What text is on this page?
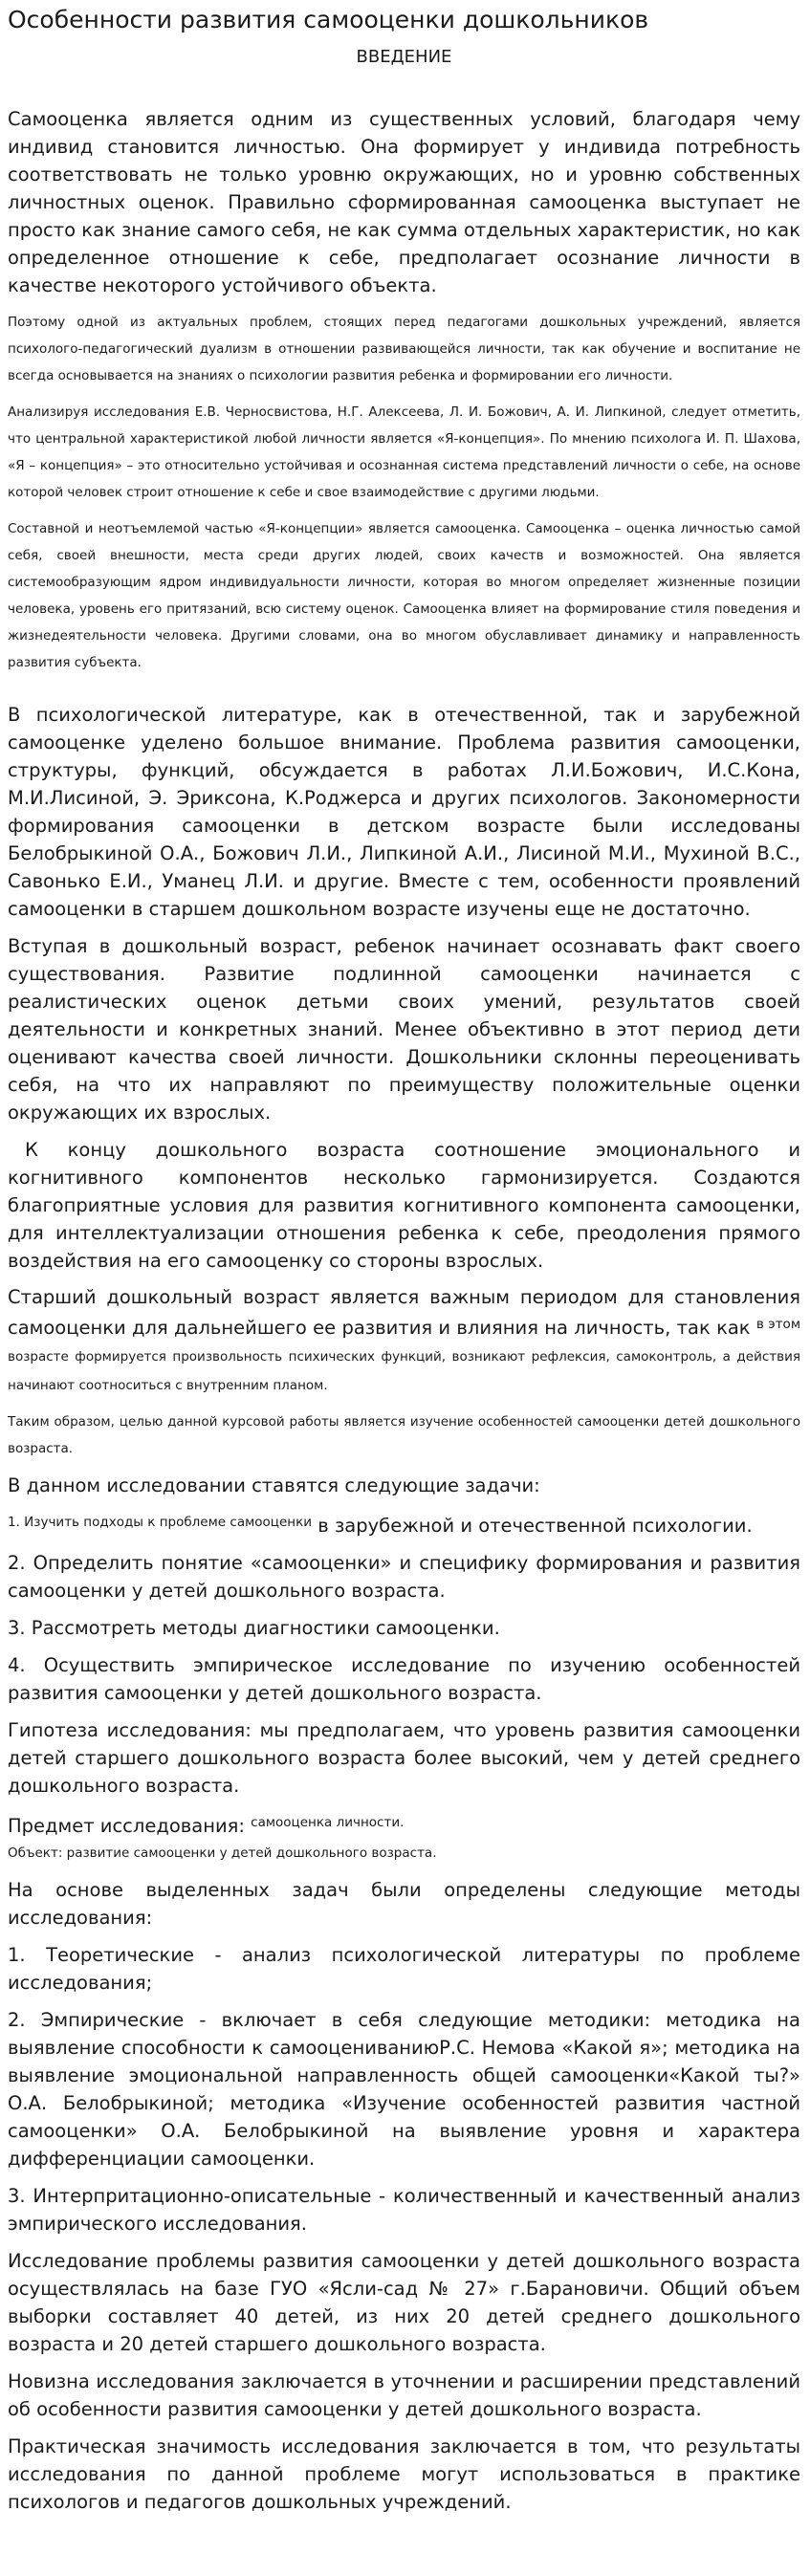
Особенности развития самооценки дошкольников
ВВЕДЕНИЕ

Самооценка является одним из существенных условий, благодаря чему индивид становится личностью. Она формирует у индивида потребность соответствовать не только уровню окружающих, но и уровню собственных личностных оценок. Правильно сформированная самооценка выступает не просто как знание самого себя, не как сумма отдельных характеристик, но как определенное отношение к себе, предполагает осознание личности в качестве некоторого устойчивого объекта.

Поэтому одной из актуальных проблем, стоящих перед педагогами дошкольных учреждений, является психолого-педагогический дуализм в отношении развивающейся личности, так как обучение и воспитание не всегда основывается на знаниях о психологии развития ребенка и формировании его личности.

Анализируя исследования Е.В. Черносвистова, Н.Г. Алексеева, Л. И. Божович, А. И. Липкиной, следует отметить, что центральной характеристикой любой личности является «Я-концепция». По мнению психолога И. П. Шахова, «Я – концепция» – это относительно устойчивая и осознанная система представлений личности о себе, на основе которой человек строит отношение к себе и свое взаимодействие с другими людьми.

Составной и неотъемлемой частью «Я-концепции» является самооценка. Самооценка – оценка личностью самой себя, своей внешности, места среди других людей, своих качеств и возможностей. Она является системообразующим ядром индивидуальности личности, которая во многом определяет жизненные позиции человека, уровень его притязаний, всю систему оценок. Самооценка влияет на формирование стиля поведения и жизнедеятельности человека. Другими словами, она во многом обуславливает динамику и направленность развития субъекта.

В психологической литературе, как в отечественной, так и зарубежной самооценке уделено большое внимание. Проблема развития самооценки, структуры, функций, обсуждается в работах Л.И.Божович, И.С.Кона, М.И.Лисиной, Э. Эриксона, К.Роджерса и других психологов. Закономерности формирования самооценки в детском возрасте были исследованы Белобрыкиной О.А., Божович Л.И., Липкиной А.И., Лисиной М.И., Мухиной В.С., Савонько Е.И., Уманец Л.И. и другие. Вместе с тем, особенности проявлений самооценки в старшем дошкольном возрасте изучены еще не достаточно.

Вступая в дошкольный возраст, ребенок начинает осознавать факт своего существования. Развитие подлинной самооценки начинается с реалистических оценок детьми своих умений, результатов своей деятельности и конкретных знаний. Менее объективно в этот период дети оценивают качества своей личности. Дошкольники склонны переоценивать себя, на что их направляют по преимуществу положительные оценки окружающих их взрослых.

К концу дошкольного возраста соотношение эмоционального и когнитивного компонентов несколько гармонизируется. Создаются благоприятные условия для развития когнитивного компонента самооценки, для интеллектуализации отношения ребенка к себе, преодоления прямого воздействия на его самооценку со стороны взрослых.

Старший дошкольный возраст является важным периодом для становления самооценки для дальнейшего ее развития и влияния на личность, так как $^{в этом}$ возрасте формируется произвольность психических функций, возникают рефлексия, самоконтроль, а действия начинают соотноситься с внутренним планом.

Таким образом, целью данной курсовой работы является изучение особенностей самооценки детей дошкольного возраста.

В данном исследовании ставятся следующие задачи:

$^{1. Изучить подходы к проблеме самооценки}$ в зарубежной и отечественной психологии.

2. Определить понятие «самооценки» и специфику формирования и развития самооценки у детей дошкольного возраста.

3. Рассмотреть методы диагностики самооценки.

4. Осуществить эмпирическое исследование по изучению особенностей развития самооценки у детей дошкольного возраста.

Гипотеза исследования: мы предполагаем, что уровень развития самооценки детей старшего дошкольного возраста более высокий, чем у детей среднего дошкольного возраста.

Предмет исследования: $^{самооценка личности.}$

Объект: развитие самооценки у детей дошкольного возраста.

На основе выделенных задач были определены следующие методы исследования:

1. Теоретические - анализ психологической литературы по проблеме исследования;

2. Эмпирические - включает в себя следующие методики: методика на выявление способности к самооцениваниюР.С. Немова «Какой я»; методика на выявление эмоциональной направленность общей самооценки«Какой ты?» О.А. Белобрыкиной; методика «Изучение особенностей развития частной самооценки» О.А. Белобрыкиной на выявление уровня и характера дифференциации самооценки.

3. Интерпритационно-описательные - количественный и качественный анализ эмпирического исследования.

Исследование проблемы развития самооценки у детей дошкольного возраста осуществлялась на базе ГУО «Ясли-сад № 27» г.Барановичи. Общий объем выборки составляет 40 детей, из них 20 детей среднего дошкольного возраста и 20 детей старшего дошкольного возраста.

Новизна исследования заключается в уточнении и расширении представлений об особенности развития самооценки у детей дошкольного возраста.

Практическая значимость исследования заключается в том, что результаты исследования по данной проблеме могут использоваться в практике психологов и педагогов дошкольных учреждений.
